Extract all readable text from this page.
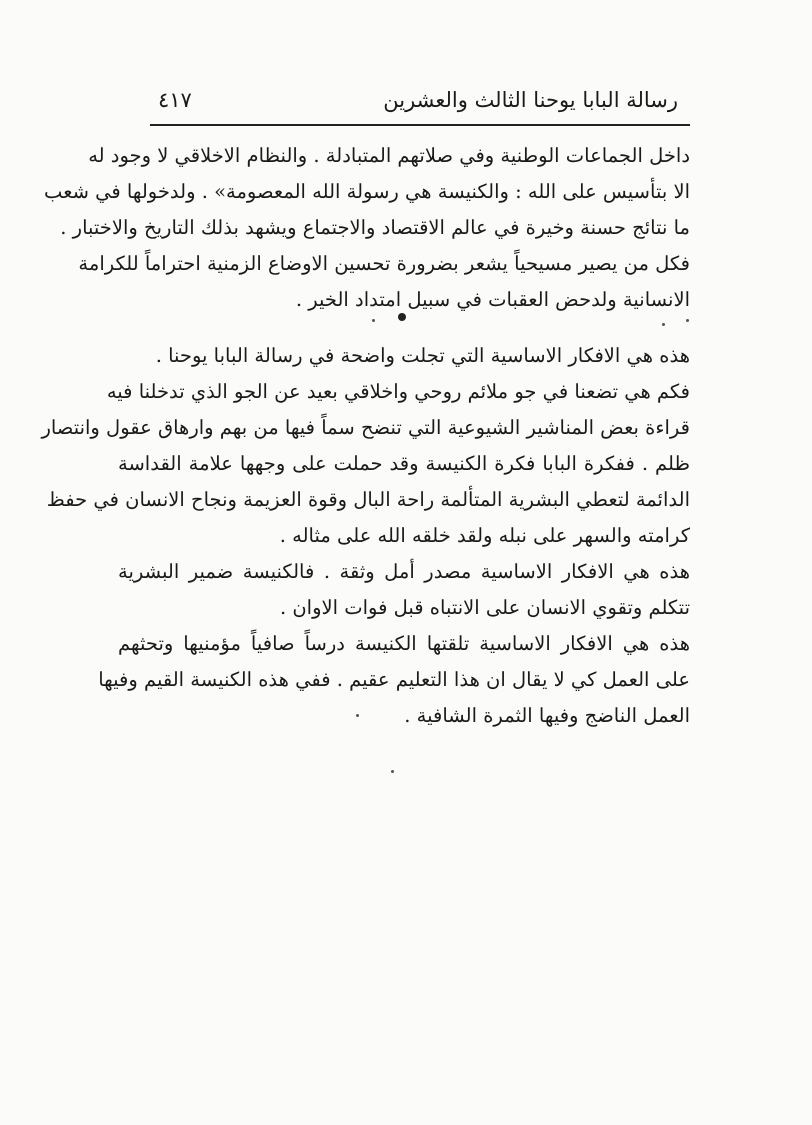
رسالة البابا يوحنا الثالث والعشرين
٤١٧
داخل الجماعات الوطنية وفي صلاتهم المتبادلة . والنظام الاخلاقي لا وجود له
الا بتأسيس على الله : والكنيسة هي رسولة الله المعصومة» . ولدخولها في شعب
ما نتائج حسنة وخيرة في عالم الاقتصاد والاجتماع ويشهد بذلك التاريخ والاختبار .
فكل من يصير مسيحياً يشعر بضرورة تحسين الاوضاع الزمنية احتراماً للكرامة
الانسانية ولدحض العقبات في سبيل امتداد الخير .
هذه هي الافكار الاساسية التي تجلت واضحة في رسالة البابا يوحنا .
فكم هي تضعنا في جو ملائم روحي واخلاقي بعيد عن الجو الذي تدخلنا فيه
قراءة بعض المناشير الشيوعية التي تنضح سماً فيها من بهم وارهاق عقول وانتصار
ظلم . ففكرة البابا فكرة الكنيسة وقد حملت على وجهها علامة القداسة
الدائمة لتعطي البشرية المتألمة راحة البال وقوة العزيمة ونجاح الانسان في حفظ
كرامته والسهر على نبله ولقد خلقه الله على مثاله .
هذه هي الافكار الاساسية مصدر أمل وثقة . فالكنيسة ضمير البشرية
تتكلم وتقوي الانسان على الانتباه قبل فوات الاوان .
هذه هي الافكار الاساسية تلقتها الكنيسة درساً صافياً مؤمنيها وتحثهم
على العمل كي لا يقال ان هذا التعليم عقيم . ففي هذه الكنيسة القيم وفيها
العمل الناضج وفيها الثمرة الشافية .
